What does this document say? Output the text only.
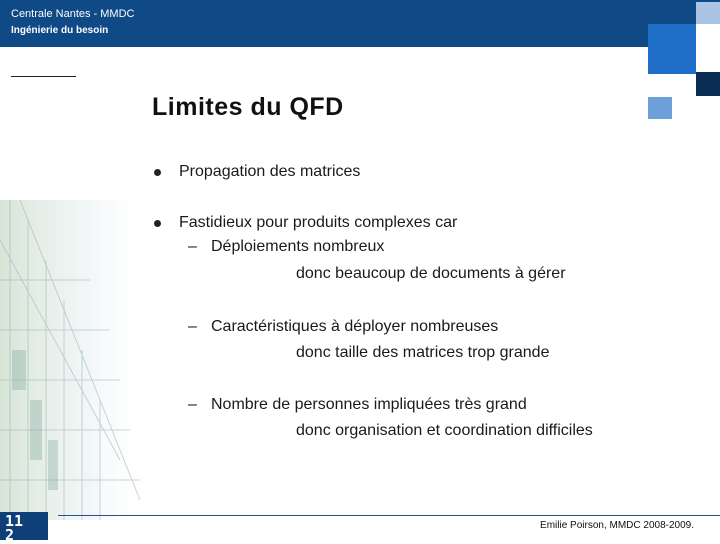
Centrale Nantes - MMDC
Ingénierie du besoin
Limites du QFD
Propagation des matrices
Fastidieux pour produits complexes car
– Déploiements nombreux
donc beaucoup de documents à gérer
– Caractéristiques à déployer nombreuses
donc taille des matrices trop grande
– Nombre de personnes impliquées très grand
donc organisation et coordination difficiles
11
2
Emilie Poirson, MMDC 2008-2009.
